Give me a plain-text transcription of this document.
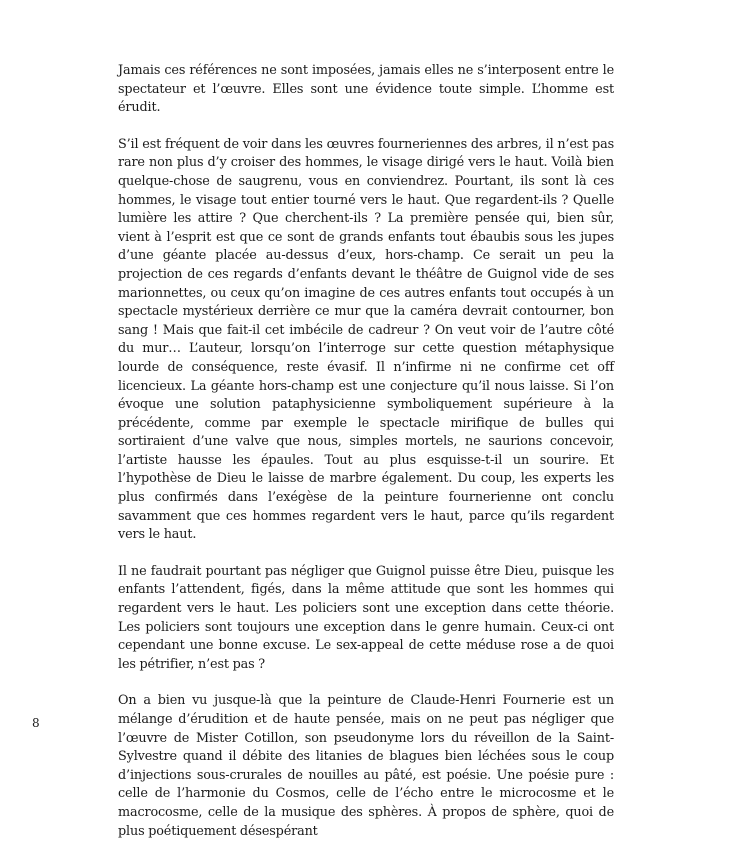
Jamais ces références ne sont imposées, jamais elles ne s’interposent entre le spectateur et l’œuvre. Elles sont une évidence toute simple. L’homme est érudit.

S’il est fréquent de voir dans les œuvres fourneriennes des arbres, il n’est pas rare non plus d’y croiser des hommes, le visage dirigé vers le haut. Voilà bien quelque-chose de saugrenu, vous en conviendrez. Pourtant, ils sont là ces hommes, le visage tout entier tourné vers le haut. Que regardent-ils ? Quelle lumière les attire ? Que cherchent-ils ? La première pensée qui, bien sûr, vient à l’esprit est que ce sont de grands enfants tout ébaubis sous les jupes d’une géante placée au-dessus d’eux, hors-champ. Ce serait un peu la projection de ces regards d’enfants devant le théâtre de Guignol vide de ses marionnettes, ou ceux qu’on imagine de ces autres enfants tout occupés à un spectacle mystérieux derrière ce mur que la caméra devrait contourner, bon sang ! Mais que fait-il cet imbécile de cadreur ? On veut voir de l’autre côté du mur… L’auteur, lorsqu’on l’interroge sur cette question métaphysique lourde de conséquence, reste évasif. Il n’infirme ni ne confirme cet off licencieux. La géante hors-champ est une conjecture qu’il nous laisse. Si l’on évoque une solution pataphysicienne symboliquement supérieure à la précédente, comme par exemple le spectacle mirifique de bulles qui sortiraient d’une valve que nous, simples mortels, ne saurions concevoir, l’artiste hausse les épaules. Tout au plus esquisse-t-il un sourire. Et l’hypothèse de Dieu le laisse de marbre également. Du coup, les experts les plus confirmés dans l’exégèse de la peinture fournerienne ont conclu savamment que ces hommes regardent vers le haut, parce qu’ils regardent vers le haut.

Il ne faudrait pourtant pas négliger que Guignol puisse être Dieu, puisque les enfants l’attendent, figés, dans la même attitude que sont les hommes qui regardent vers le haut. Les policiers sont une exception dans cette théorie. Les policiers sont toujours une exception dans le genre humain. Ceux-ci ont cependant une bonne excuse. Le sex-appeal de cette méduse rose a de quoi les pétrifier, n’est pas ?

On a bien vu jusque-là que la peinture de Claude-Henri Fournerie est un mélange d’érudition et de haute pensée, mais on ne peut pas négliger que l’œuvre de Mister Cotillon, son pseudonyme lors du réveillon de la Saint-Sylvestre quand il débite des litanies de blagues bien léchées sous le coup d’injections sous-crurales de nouilles au pâté, est poésie. Une poésie pure : celle de l’harmonie du Cosmos, celle de l’écho entre le microcosme et le macrocosme, celle de la musique des sphères. À propos de sphère, quoi de plus poétiquement désespérant

8
